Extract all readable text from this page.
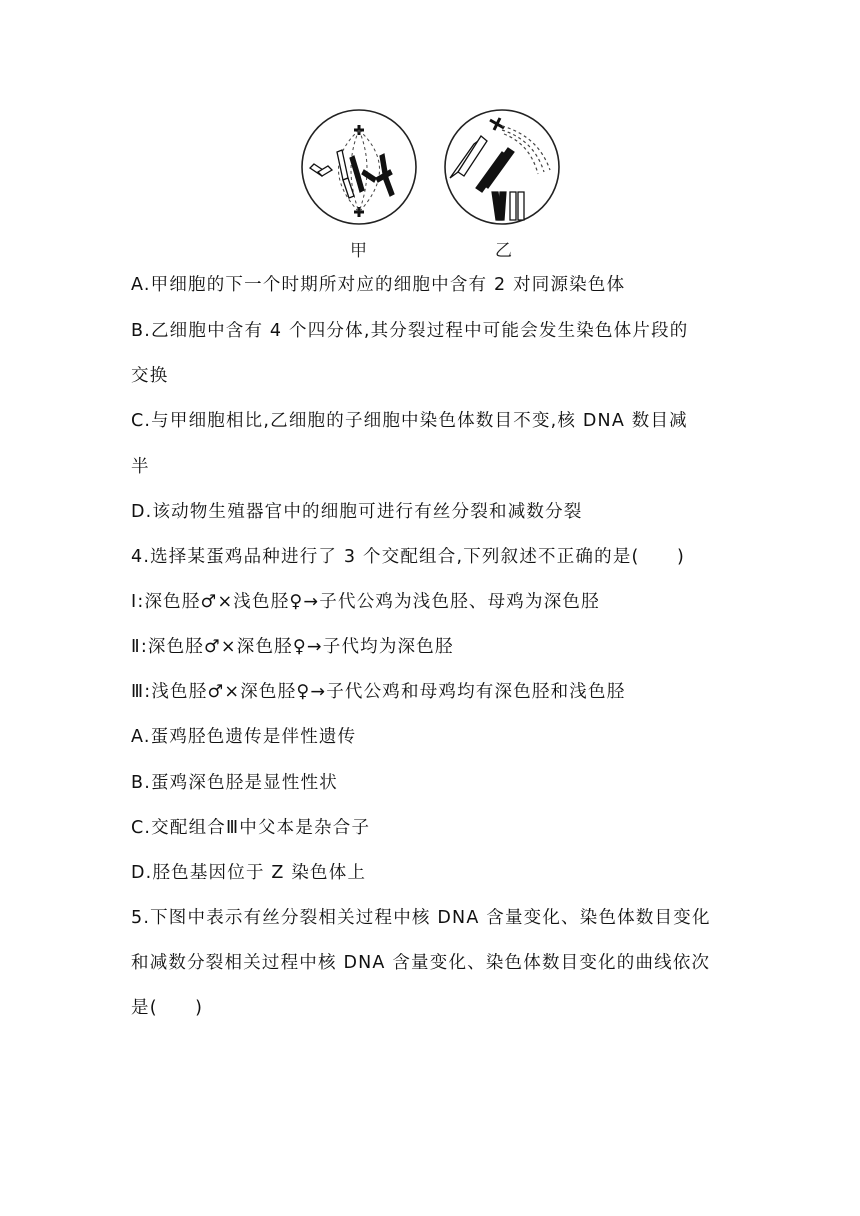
甲	乙
A.甲细胞的下一个时期所对应的细胞中含有 2 对同源染色体
B.乙细胞中含有 4 个四分体,其分裂过程中可能会发生染色体片段的
交换
C.与甲细胞相比,乙细胞的子细胞中染色体数目不变,核 DNA 数目减
半
D.该动物生殖器官中的细胞可进行有丝分裂和减数分裂
4.选择某蛋鸡品种进行了 3 个交配组合,下列叙述不正确的是(　　)
Ⅰ:深色胫♂×浅色胫♀→子代公鸡为浅色胫、母鸡为深色胫
Ⅱ:深色胫♂×深色胫♀→子代均为深色胫
Ⅲ:浅色胫♂×深色胫♀→子代公鸡和母鸡均有深色胫和浅色胫
A.蛋鸡胫色遗传是伴性遗传
B.蛋鸡深色胫是显性性状
C.交配组合Ⅲ中父本是杂合子
D.胫色基因位于 Z 染色体上
5.下图中表示有丝分裂相关过程中核 DNA 含量变化、染色体数目变化
和减数分裂相关过程中核 DNA 含量变化、染色体数目变化的曲线依次
是(　　)
